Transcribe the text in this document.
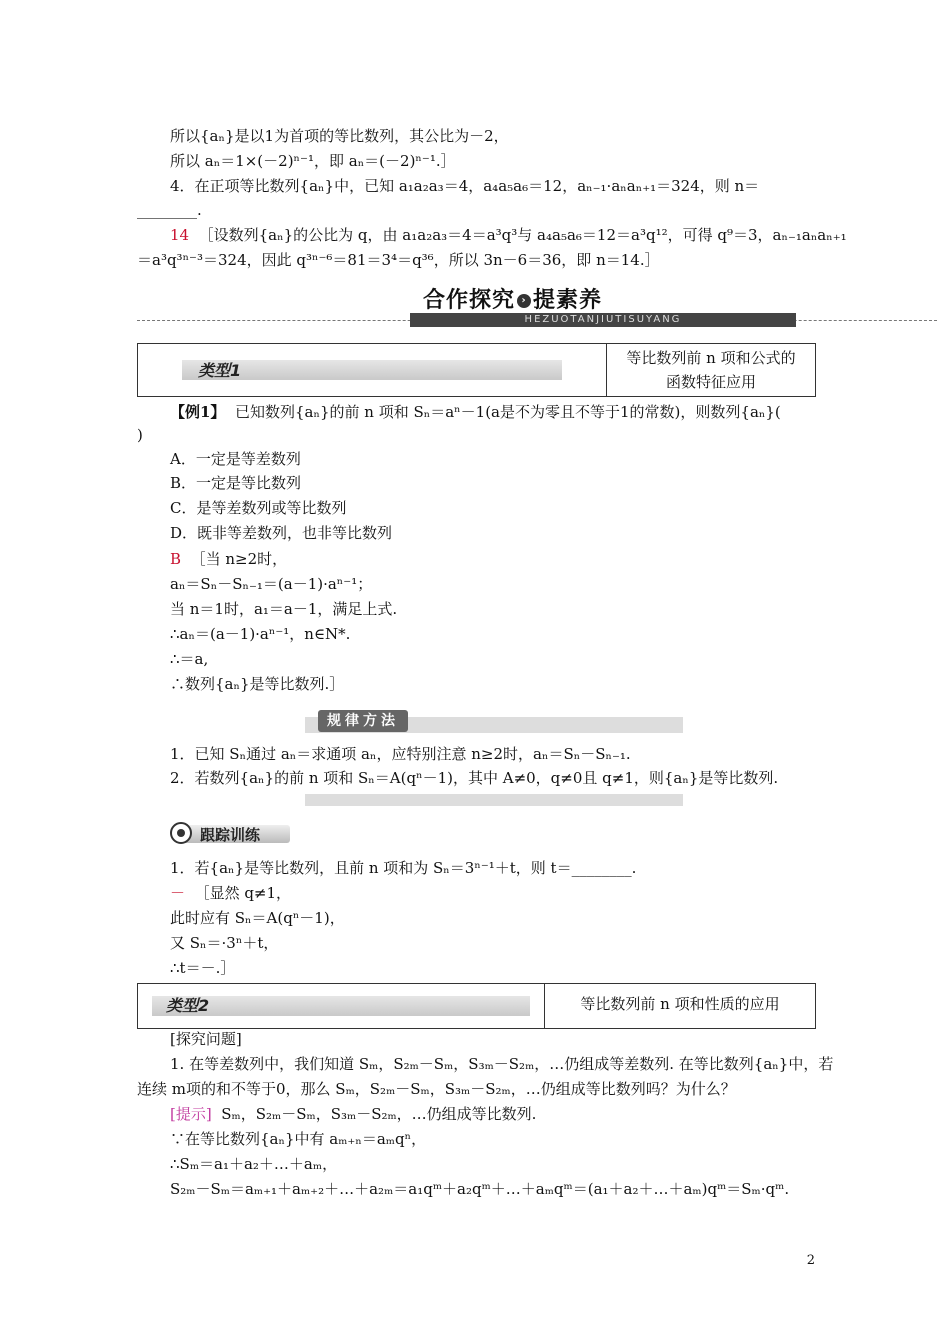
所以{aₙ}是以1为首项的等比数列，其公比为－2，
所以 aₙ＝1×(－2)ⁿ⁻¹，即 aₙ＝(－2)ⁿ⁻¹.］
4．在正项等比数列{aₙ}中，已知 a₁a₂a₃＝4，a₄a₅a₆＝12，aₙ₋₁·aₙaₙ₊₁＝324，则 n＝
________.
14 ［设数列{aₙ}的公比为 q，由 a₁a₂a₃＝4＝a³q³与 a₄a₅a₆＝12＝a³q¹²，可得 q⁹＝3，aₙ₋₁aₙaₙ₊₁
＝a³q³ⁿ⁻³＝324，因此 q³ⁿ⁻⁶＝81＝3⁴＝q³⁶，所以 3n－6＝36，即 n＝14.］
合作探究 › 提素养
HEZUOTANJIUTISUYANG
类型1
等比数列前 n 项和公式的
函数特征应用
【例1】 已知数列{aₙ}的前 n 项和 Sₙ＝aⁿ－1(a是不为零且不等于1的常数)，则数列{aₙ}(
)
A．一定是等差数列
B．一定是等比数列
C．是等差数列或等比数列
D．既非等差数列，也非等比数列
B ［当 n≥2时，
aₙ＝Sₙ－Sₙ₋₁＝(a－1)·aⁿ⁻¹；
当 n＝1时，a₁＝a－1，满足上式.
∴aₙ＝(a－1)·aⁿ⁻¹，n∈N*.
∴＝a,
∴数列{aₙ}是等比数列.］
规律方法
1．已知 Sₙ通过 aₙ＝求通项 aₙ，应特别注意 n≥2时，aₙ＝Sₙ－Sₙ₋₁.
2．若数列{aₙ}的前 n 项和 Sₙ＝A(qⁿ－1)，其中 A≠0，q≠0且 q≠1，则{aₙ}是等比数列.
跟踪训练
1．若{aₙ}是等比数列，且前 n 项和为 Sₙ＝3ⁿ⁻¹＋t，则 t＝________.
－ ［显然 q≠1，
此时应有 Sₙ＝A(qⁿ－1)，
又 Sₙ＝·3ⁿ＋t，
∴t＝－.］
类型2	等比数列前 n 项和性质的应用
[探究问题]
1. 在等差数列中，我们知道 Sₘ，S₂ₘ－Sₘ，S₃ₘ－S₂ₘ，…仍组成等差数列. 在等比数列{aₙ}中，若
连续 m项的和不等于0，那么 Sₘ，S₂ₘ－Sₘ，S₃ₘ－S₂ₘ，…仍组成等比数列吗？为什么？
[提示] Sₘ，S₂ₘ－Sₘ，S₃ₘ－S₂ₘ，…仍组成等比数列.
∵在等比数列{aₙ}中有 aₘ₊ₙ＝aₘqⁿ，
∴Sₘ＝a₁＋a₂＋…＋aₘ，
S₂ₘ－Sₘ＝aₘ₊₁＋aₘ₊₂＋…＋a₂ₘ＝a₁qᵐ＋a₂qᵐ＋…＋aₘqᵐ＝(a₁＋a₂＋…＋aₘ)qᵐ＝Sₘ·qᵐ.
2
